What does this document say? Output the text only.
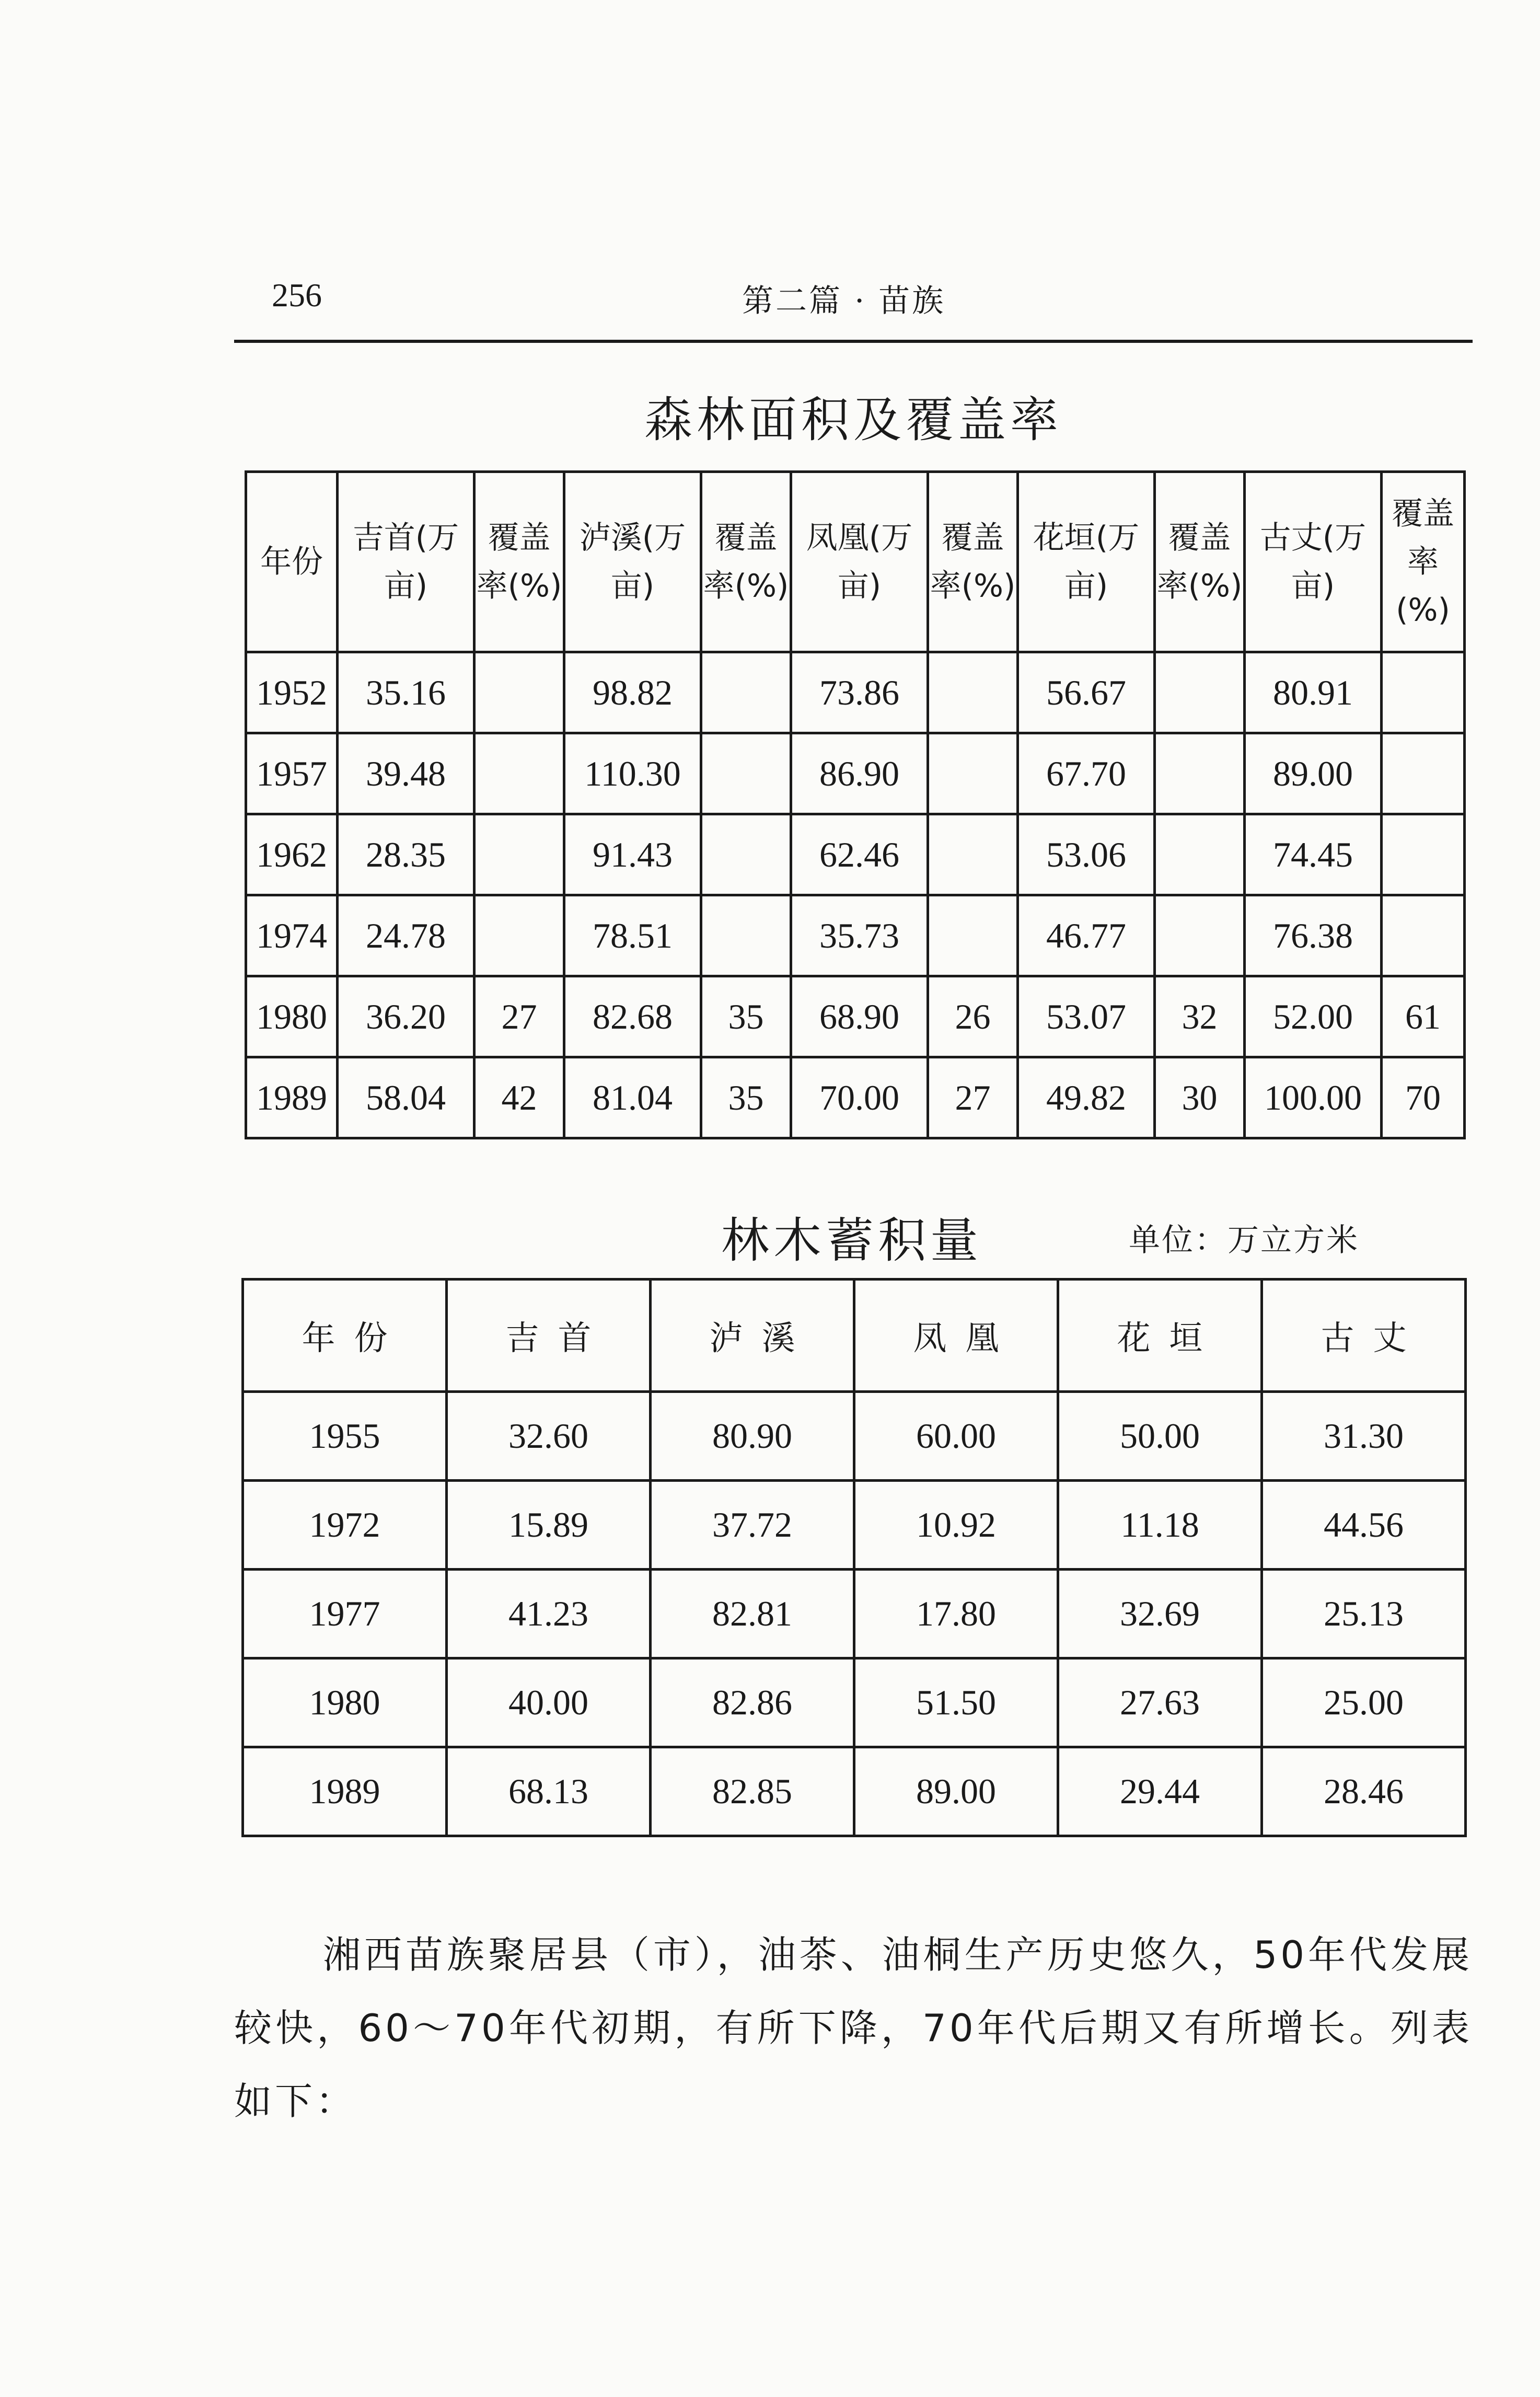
256	第二篇 · 苗族
森林面积及覆盖率
年份	吉首(万亩)	覆盖率(%)	泸溪(万亩)	覆盖率(%)	凤凰(万亩)	覆盖率(%)	花垣(万亩)	覆盖率(%)	古丈(万亩)	覆盖率(%)
1952	35.16		98.82		73.86		56.67		80.91	
1957	39.48		110.30		86.90		67.70		89.00	
1962	28.35		91.43		62.46		53.06		74.45	
1974	24.78		78.51		35.73		46.77		76.38	
1980	36.20	27	82.68	35	68.90	26	53.07	32	52.00	61
1989	58.04	42	81.04	35	70.00	27	49.82	30	100.00	70
林木蓄积量	单位：万立方米
年份	吉首	泸溪	凤凰	花垣	古丈
1955	32.60	80.90	60.00	50.00	31.30
1972	15.89	37.72	10.92	11.18	44.56
1977	41.23	82.81	17.80	32.69	25.13
1980	40.00	82.86	51.50	27.63	25.00
1989	68.13	82.85	89.00	29.44	28.46

湘西苗族聚居县（市），油茶、油桐生产历史悠久，50年代发展较快，60～70年代初期，有所下降，70年代后期又有所增长。列表如下：
